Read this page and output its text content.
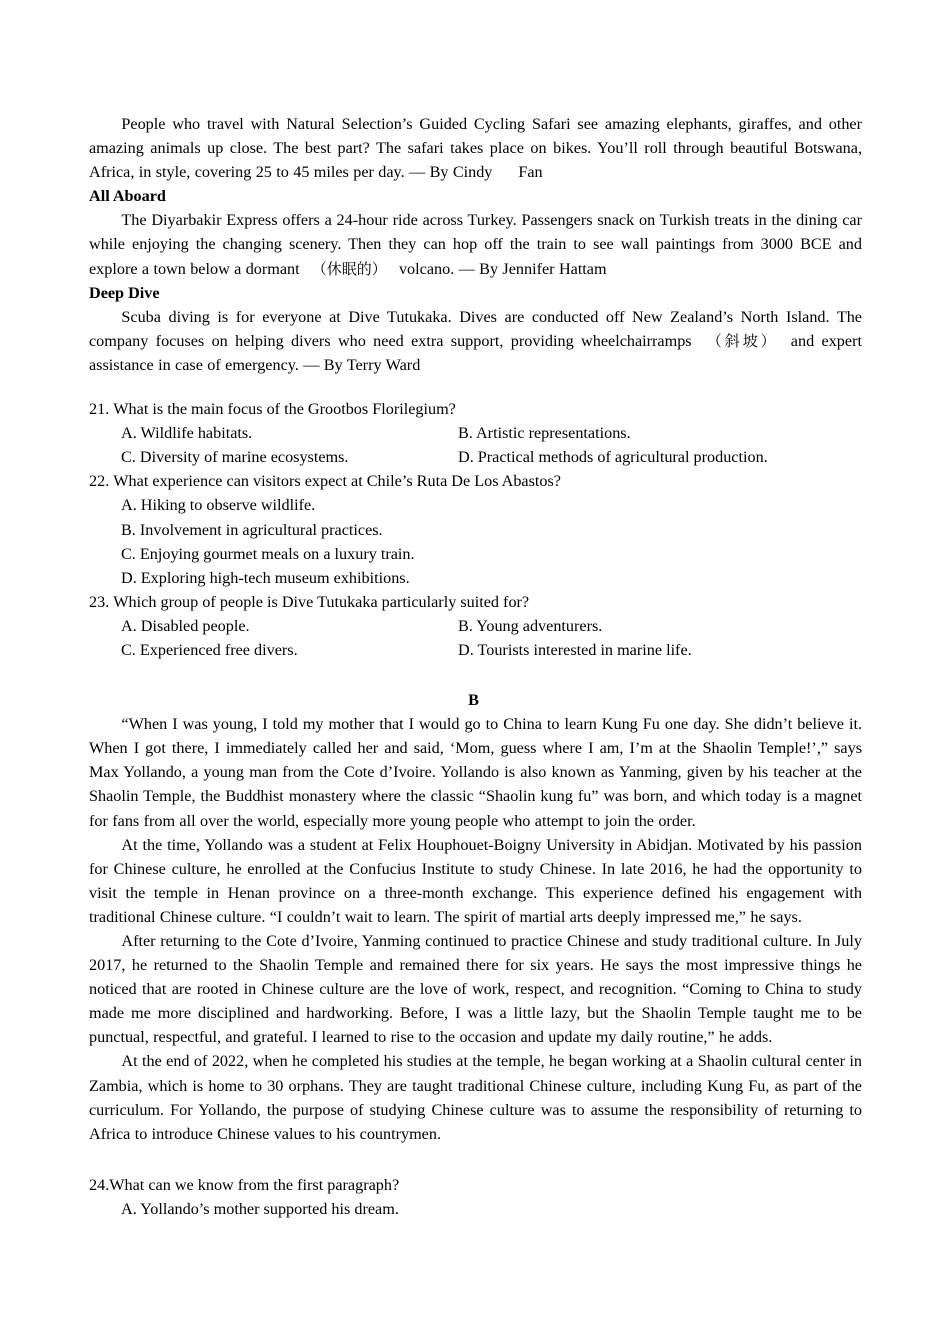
People who travel with Natural Selection’s Guided Cycling Safari see amazing elephants, giraffes, and other amazing animals up close. The best part? The safari takes place on bikes. You’ll roll through beautiful Botswana, Africa, in style, covering 25 to 45 miles per day. — By Cindy Fan

All Aboard

The Diyarbakir Express offers a 24-hour ride across Turkey. Passengers snack on Turkish treats in the dining car while enjoying the changing scenery. Then they can hop off the train to see wall paintings from 3000 BCE and explore a town below a dormant （休眠的） volcano. — By Jennifer Hattam

Deep Dive

Scuba diving is for everyone at Dive Tutukaka. Dives are conducted off New Zealand’s North Island. The company focuses on helping divers who need extra support, providing wheelchairramps （斜坡） and expert assistance in case of emergency. — By Terry Ward

21. What is the main focus of the Grootbos Florilegium?

A. Wildlife habitats.	B. Artistic representations.
C. Diversity of marine ecosystems.	D. Practical methods of agricultural production.

22. What experience can visitors expect at Chile’s Ruta De Los Abastos?

A. Hiking to observe wildlife.
B. Involvement in agricultural practices.
C. Enjoying gourmet meals on a luxury train.
D. Exploring high-tech museum exhibitions.

23. Which group of people is Dive Tutukaka particularly suited for?

A. Disabled people.	B. Young adventurers.
C. Experienced free divers.	D. Tourists interested in marine life.

B

“When I was young, I told my mother that I would go to China to learn Kung Fu one day. She didn’t believe it. When I got there, I immediately called her and said, ‘Mom, guess where I am, I’m at the Shaolin Temple!’,” says Max Yollando, a young man from the Cote d’Ivoire. Yollando is also known as Yanming, given by his teacher at the Shaolin Temple, the Buddhist monastery where the classic “Shaolin kung fu” was born, and which today is a magnet for fans from all over the world, especially more young people who attempt to join the order.

At the time, Yollando was a student at Felix Houphouet-Boigny University in Abidjan. Motivated by his passion for Chinese culture, he enrolled at the Confucius Institute to study Chinese. In late 2016, he had the opportunity to visit the temple in Henan province on a three-month exchange. This experience defined his engagement with traditional Chinese culture. “I couldn’t wait to learn. The spirit of martial arts deeply impressed me,” he says.

After returning to the Cote d’Ivoire, Yanming continued to practice Chinese and study traditional culture. In July 2017, he returned to the Shaolin Temple and remained there for six years. He says the most impressive things he noticed that are rooted in Chinese culture are the love of work, respect, and recognition. “Coming to China to study made me more disciplined and hardworking. Before, I was a little lazy, but the Shaolin Temple taught me to be punctual, respectful, and grateful. I learned to rise to the occasion and update my daily routine,” he adds.

At the end of 2022, when he completed his studies at the temple, he began working at a Shaolin cultural center in Zambia, which is home to 30 orphans. They are taught traditional Chinese culture, including Kung Fu, as part of the curriculum. For Yollando, the purpose of studying Chinese culture was to assume the responsibility of returning to Africa to introduce Chinese values to his countrymen.

24.What can we know from the first paragraph?

A. Yollando’s mother supported his dream.
